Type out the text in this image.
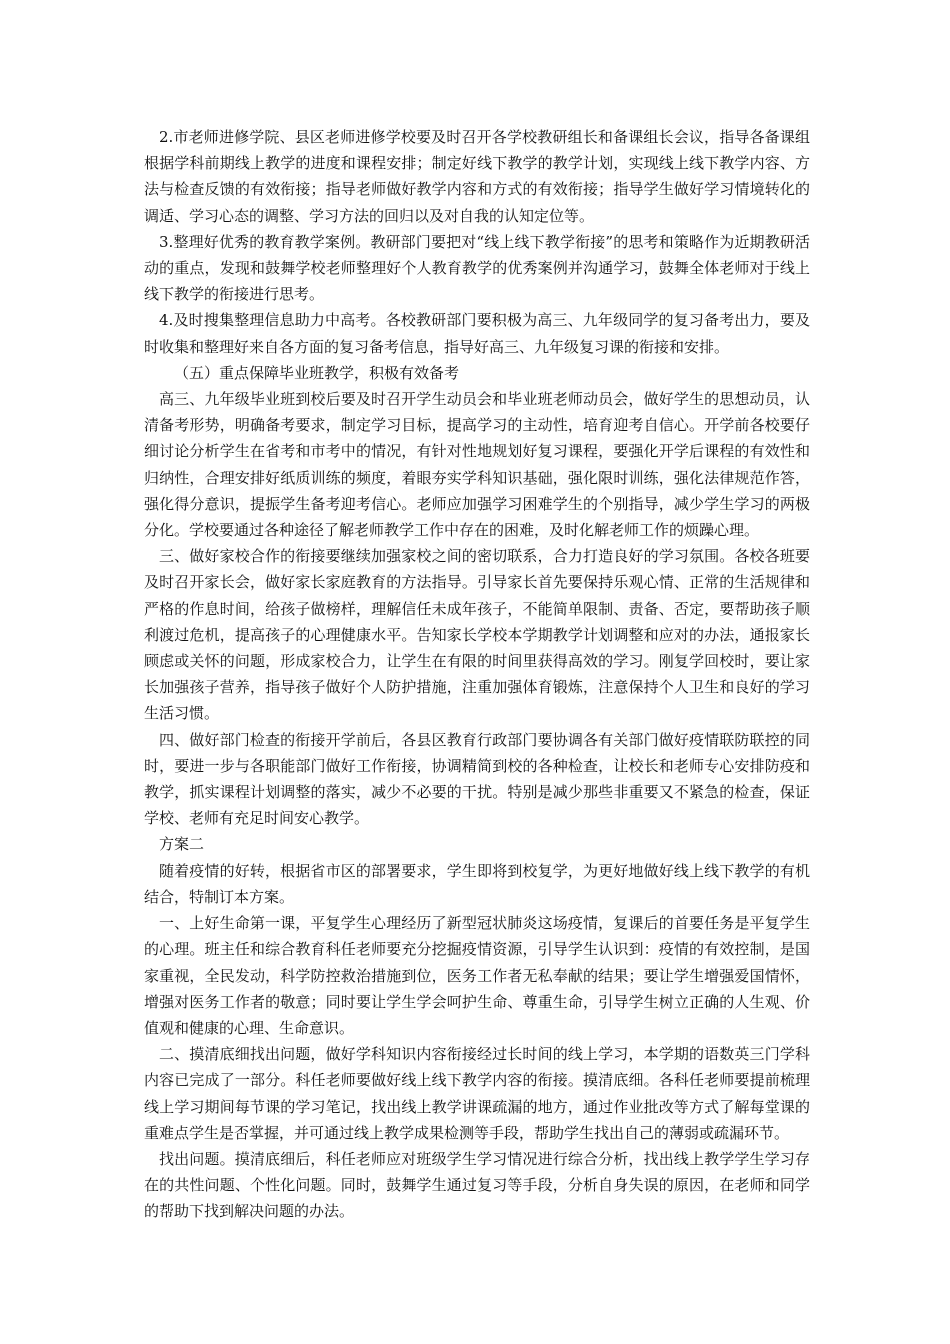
2.市老师进修学院、县区老师进修学校要及时召开各学校教研组长和备课组长会议，指导各备课组根据学科前期线上教学的进度和课程安排；制定好线下教学的教学计划，实现线上线下教学内容、方法与检查反馈的有效衔接；指导老师做好教学内容和方式的有效衔接；指导学生做好学习情境转化的调适、学习心态的调整、学习方法的回归以及对自我的认知定位等。

3.整理好优秀的教育教学案例。教研部门要把对“线上线下教学衔接”的思考和策略作为近期教研活动的重点，发现和鼓舞学校老师整理好个人教育教学的优秀案例并沟通学习，鼓舞全体老师对于线上线下教学的衔接进行思考。

4.及时搜集整理信息助力中高考。各校教研部门要积极为高三、九年级同学的复习备考出力，要及时收集和整理好来自各方面的复习备考信息，指导好高三、九年级复习课的衔接和安排。

（五）重点保障毕业班教学，积极有效备考

高三、九年级毕业班到校后要及时召开学生动员会和毕业班老师动员会，做好学生的思想动员，认清备考形势，明确备考要求，制定学习目标，提高学习的主动性，培育迎考自信心。开学前各校要仔细讨论分析学生在省考和市考中的情况，有针对性地规划好复习课程，要强化开学后课程的有效性和归纳性，合理安排好纸质训练的频度，着眼夯实学科知识基础，强化限时训练，强化法律规范作答，强化得分意识，提振学生备考迎考信心。老师应加强学习困难学生的个别指导，减少学生学习的两极分化。学校要通过各种途径了解老师教学工作中存在的困难，及时化解老师工作的烦躁心理。

三、做好家校合作的衔接要继续加强家校之间的密切联系，合力打造良好的学习氛围。各校各班要及时召开家长会，做好家长家庭教育的方法指导。引导家长首先要保持乐观心情、正常的生活规律和严格的作息时间，给孩子做榜样，理解信任未成年孩子，不能简单限制、责备、否定，要帮助孩子顺利渡过危机，提高孩子的心理健康水平。告知家长学校本学期教学计划调整和应对的办法，通报家长顾虑或关怀的问题，形成家校合力，让学生在有限的时间里获得高效的学习。刚复学回校时，要让家长加强孩子营养，指导孩子做好个人防护措施，注重加强体育锻炼，注意保持个人卫生和良好的学习生活习惯。

四、做好部门检查的衔接开学前后，各县区教育行政部门要协调各有关部门做好疫情联防联控的同时，要进一步与各职能部门做好工作衔接，协调精简到校的各种检查，让校长和老师专心安排防疫和教学，抓实课程计划调整的落实，减少不必要的干扰。特别是减少那些非重要又不紧急的检查，保证学校、老师有充足时间安心教学。

方案二

随着疫情的好转，根据省市区的部署要求，学生即将到校复学，为更好地做好线上线下教学的有机结合，特制订本方案。

一、上好生命第一课，平复学生心理经历了新型冠状肺炎这场疫情，复课后的首要任务是平复学生的心理。班主任和综合教育科任老师要充分挖掘疫情资源，引导学生认识到：疫情的有效控制，是国家重视，全民发动，科学防控救治措施到位，医务工作者无私奉献的结果；要让学生增强爱国情怀，增强对医务工作者的敬意；同时要让学生学会呵护生命、尊重生命，引导学生树立正确的人生观、价值观和健康的心理、生命意识。

二、摸清底细找出问题，做好学科知识内容衔接经过长时间的线上学习，本学期的语数英三门学科内容已完成了一部分。科任老师要做好线上线下教学内容的衔接。摸清底细。各科任老师要提前梳理线上学习期间每节课的学习笔记，找出线上教学讲课疏漏的地方，通过作业批改等方式了解每堂课的重难点学生是否掌握，并可通过线上教学成果检测等手段，帮助学生找出自己的薄弱或疏漏环节。

找出问题。摸清底细后，科任老师应对班级学生学习情况进行综合分析，找出线上教学学生学习存在的共性问题、个性化问题。同时，鼓舞学生通过复习等手段，分析自身失误的原因，在老师和同学的帮助下找到解决问题的办法。
